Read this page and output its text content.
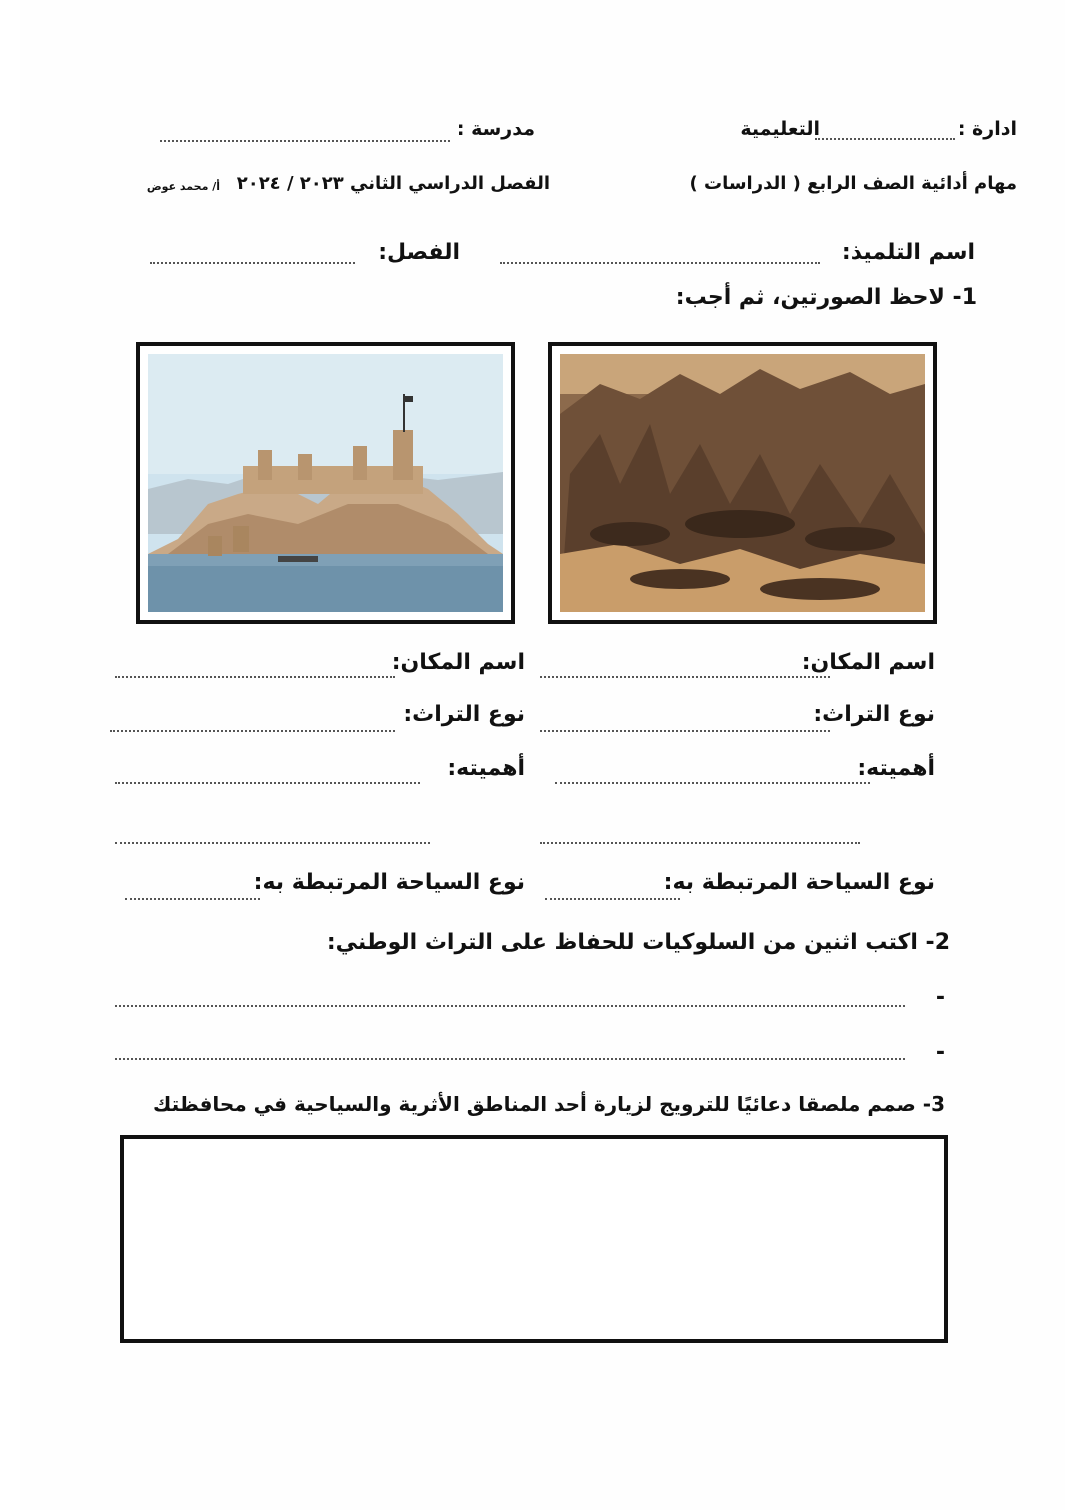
ادارة :
التعليمية
مدرسة :
مهام أدائية الصف الرابع ( الدراسات )
الفصل الدراسي الثاني ٢٠٢٣ / ٢٠٢٤
أ/ محمد عوض
اسم التلميذ:
الفصل:
1- لاحظ الصورتين، ثم أجب:
اسم المكان:
نوع التراث:
أهميته:
نوع السياحة المرتبطة به:
اسم المكان:
نوع التراث:
أهميته:
نوع السياحة المرتبطة به:
2- اكتب اثنين من السلوكيات للحفاظ على التراث الوطني:
-
-
3- صمم ملصقا دعائيًا للترويج لزيارة أحد المناطق الأثرية والسياحية في محافظتك
